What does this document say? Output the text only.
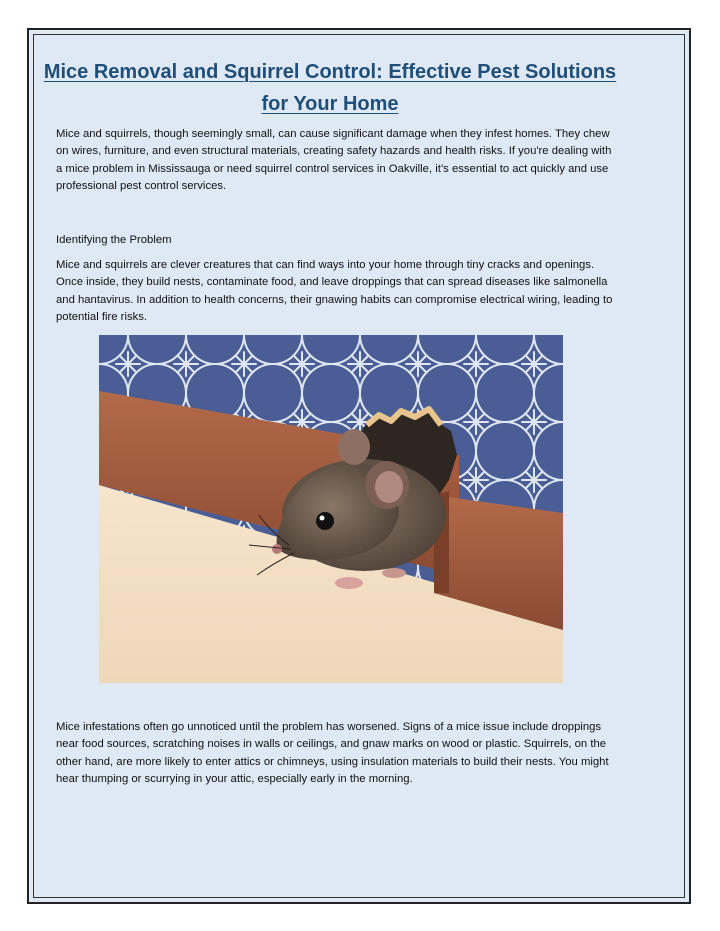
Mice Removal and Squirrel Control: Effective Pest Solutions for Your Home
Mice and squirrels, though seemingly small, can cause significant damage when they infest homes. They chew on wires, furniture, and even structural materials, creating safety hazards and health risks. If you're dealing with a mice problem in Mississauga or need squirrel control services in Oakville, it’s essential to act quickly and use professional pest control services.
Identifying the Problem
Mice and squirrels are clever creatures that can find ways into your home through tiny cracks and openings. Once inside, they build nests, contaminate food, and leave droppings that can spread diseases like salmonella and hantavirus. In addition to health concerns, their gnawing habits can compromise electrical wiring, leading to potential fire risks.
Mice infestations often go unnoticed until the problem has worsened. Signs of a mice issue include droppings near food sources, scratching noises in walls or ceilings, and gnaw marks on wood or plastic. Squirrels, on the other hand, are more likely to enter attics or chimneys, using insulation materials to build their nests. You might hear thumping or scurrying in your attic, especially early in the morning.
